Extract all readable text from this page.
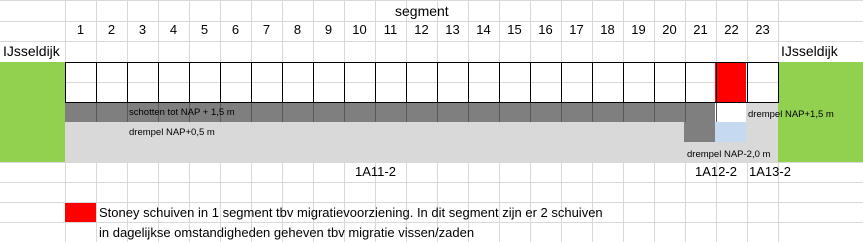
segment
1	2	3	4	5	6	7	8	9	10	11	12	13	14	15	16	17	18	19	20	21	22	23
IJsseldijk	IJsseldijk
schotten tot NAP + 1,5 m
drempel NAP+0,5 m
drempel NAP+1,5 m
drempel NAP-2,0 m
1A11-2	1A12-2 1A13-2
Stoney schuiven in 1 segment tbv migratievoorziening. In dit segment zijn er 2 schuiven
in dagelijkse omstandigheden geheven tbv migratie vissen/zaden
